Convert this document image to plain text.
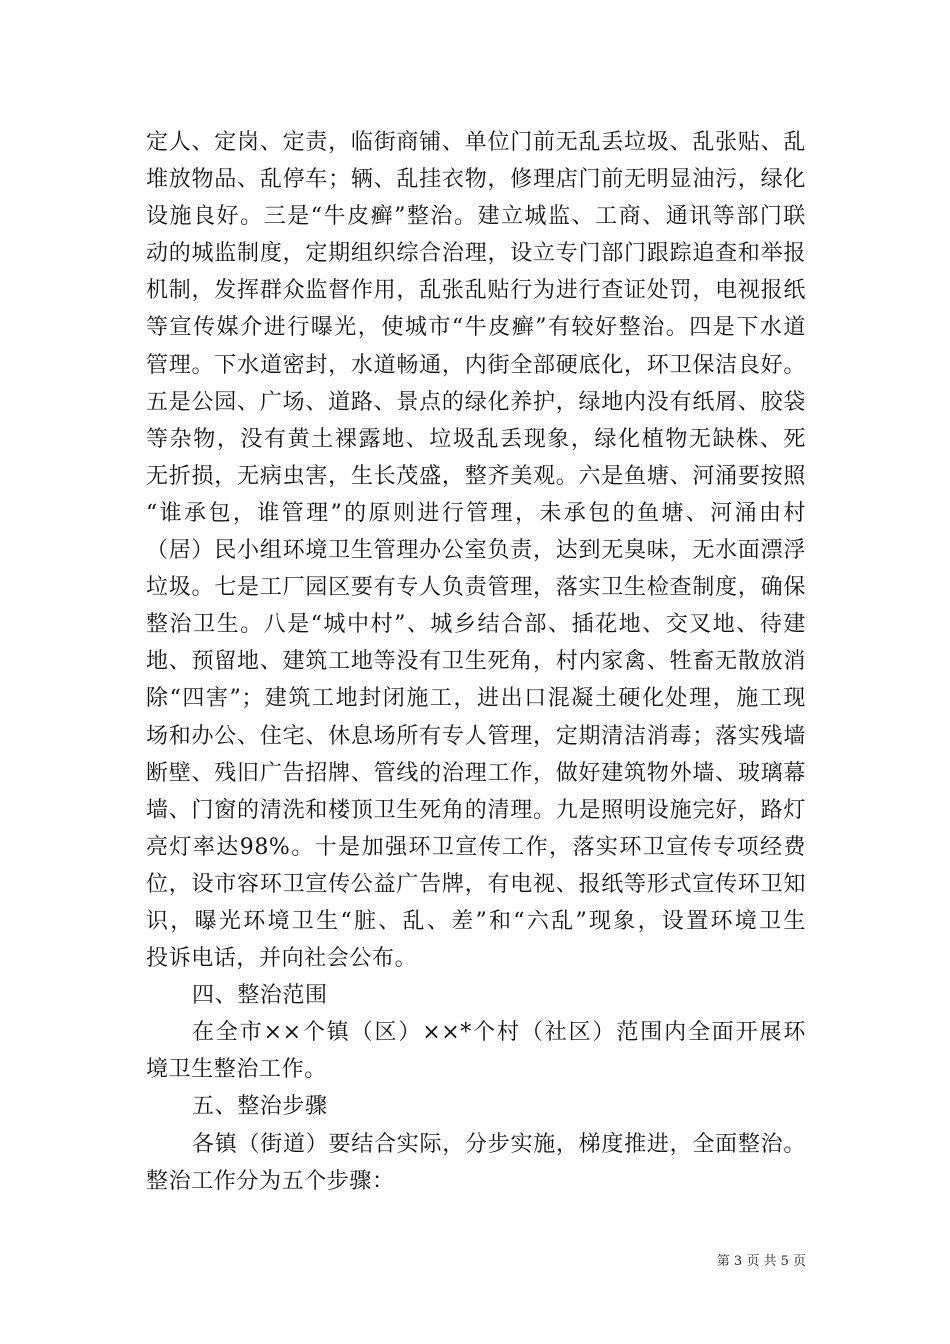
定人、定岗、定责，临街商铺、单位门前无乱丢垃圾、乱张贴、乱
堆放物品、乱停车；辆、乱挂衣物，修理店门前无明显油污，绿化
设施良好。三是“牛皮癣”整治。建立城监、工商、通讯等部门联
动的城监制度，定期组织综合治理，设立专门部门跟踪追查和举报
机制，发挥群众监督作用，乱张乱贴行为进行查证处罚，电视报纸
等宣传媒介进行曝光，使城市“牛皮癣”有较好整治。四是下水道
管理。下水道密封，水道畅通，内街全部硬底化，环卫保洁良好。
五是公园、广场、道路、景点的绿化养护，绿地内没有纸屑、胶袋
等杂物，没有黄土裸露地、垃圾乱丢现象，绿化植物无缺株、死
无折损，无病虫害，生长茂盛，整齐美观。六是鱼塘、河涌要按照
“谁承包，谁管理”的原则进行管理，未承包的鱼塘、河涌由村
（居）民小组环境卫生管理办公室负责，达到无臭味，无水面漂浮
垃圾。七是工厂园区要有专人负责管理，落实卫生检查制度，确保
整治卫生。八是“城中村”、城乡结合部、插花地、交叉地、待建
地、预留地、建筑工地等没有卫生死角，村内家禽、牲畜无散放消
除“四害”；建筑工地封闭施工，进出口混凝土硬化处理，施工现
场和办公、住宅、休息场所有专人管理，定期清洁消毒；落实残墙
断壁、残旧广告招牌、管线的治理工作，做好建筑物外墙、玻璃幕
墙、门窗的清洗和楼顶卫生死角的清理。九是照明设施完好，路灯
亮灯率达98%。十是加强环卫宣传工作，落实环卫宣传专项经费
位，设市容环卫宣传公益广告牌，有电视、报纸等形式宣传环卫知
识，曝光环境卫生“脏、乱、差”和“六乱”现象，设置环境卫生
投诉电话，并向社会公布。
四、整治范围
在全市××个镇（区）××*个村（社区）范围内全面开展环
境卫生整治工作。
五、整治步骤
各镇（街道）要结合实际，分步实施，梯度推进，全面整治。
整治工作分为五个步骤：
第 3 页 共 5 页
